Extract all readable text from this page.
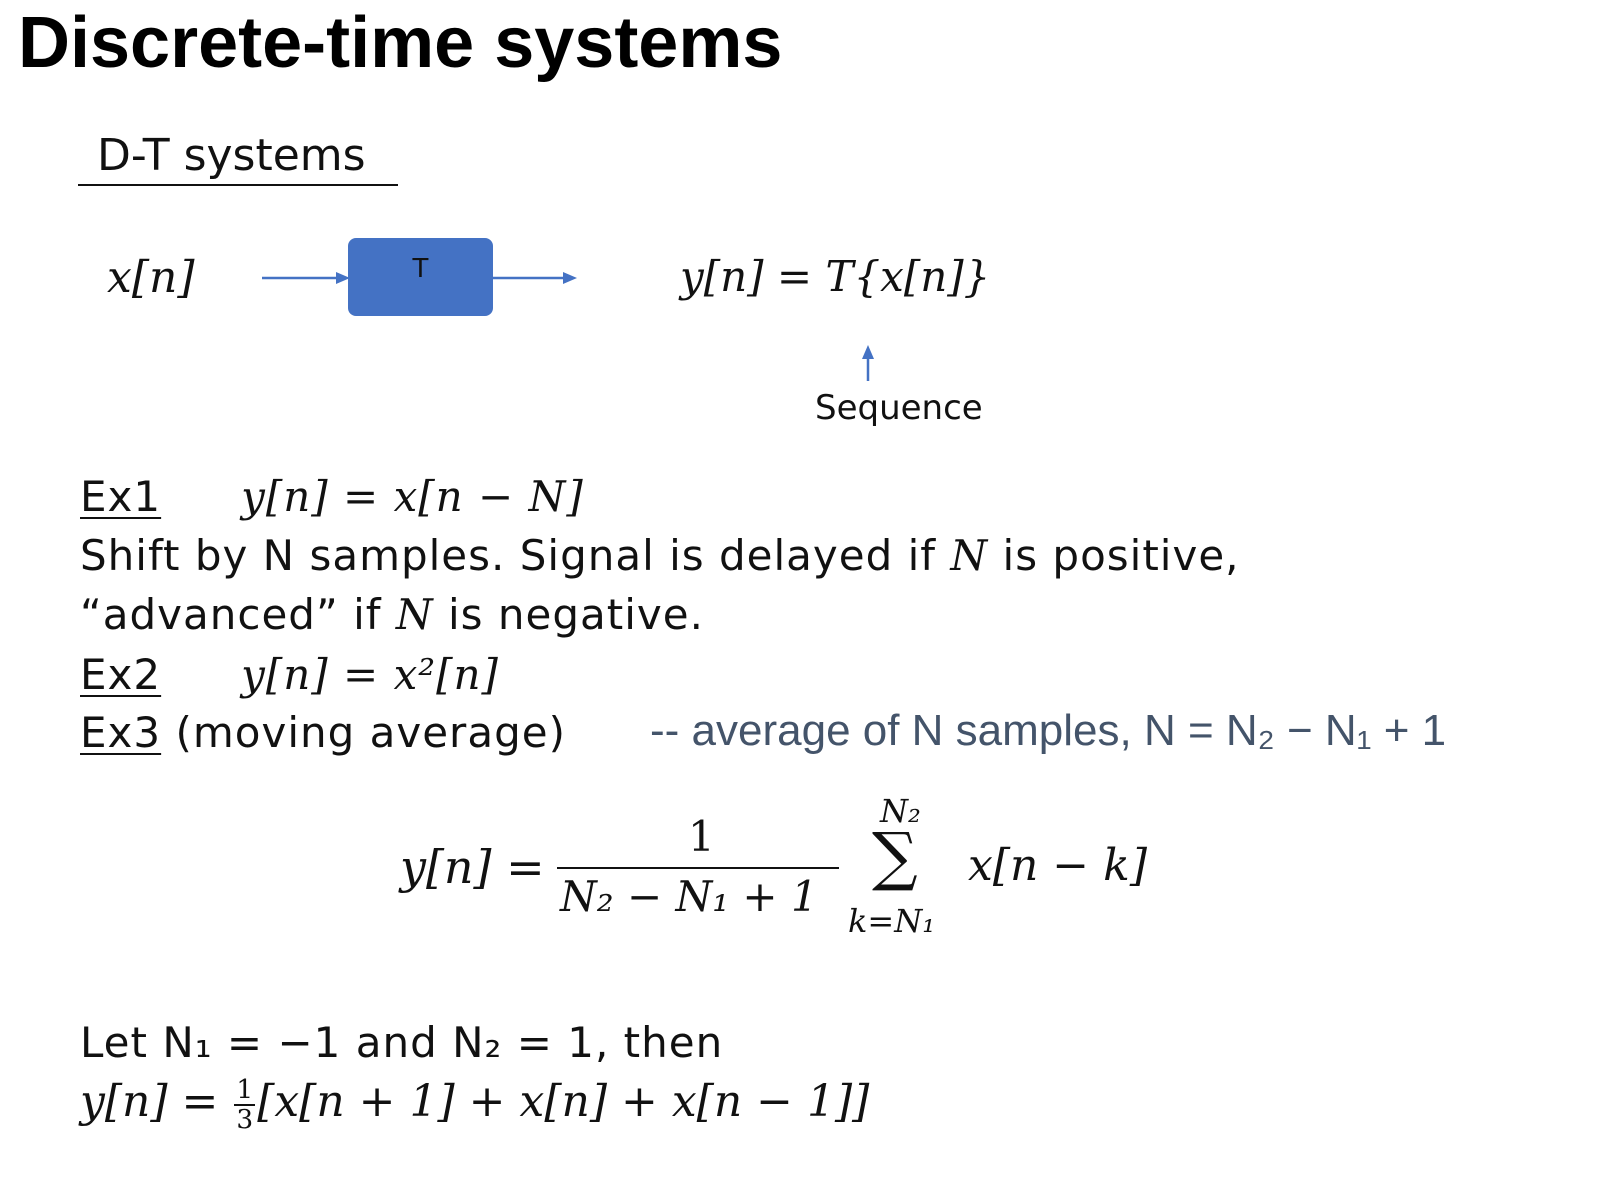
Discrete-time systems
D-T systems
x[n]	T	y[n] = T{x[n]}
Sequence
Ex1 y[n] = x[n − N]
Shift by N samples. Signal is delayed if N is positive,
“advanced” if N is negative.
Ex2 y[n] = x²[n]
Ex3 (moving average) -- average of N samples, N = N₂ − N₁ + 1
y[n] =
1
N₂ − N₁ + 1
N₂
∑
k=N₁
x[n − k]
Let N₁ = −1 and N₂ = 1, then
$y[n] = \frac{1}{3} [x[n + 1] + x[n] + x[n - 1]]$
